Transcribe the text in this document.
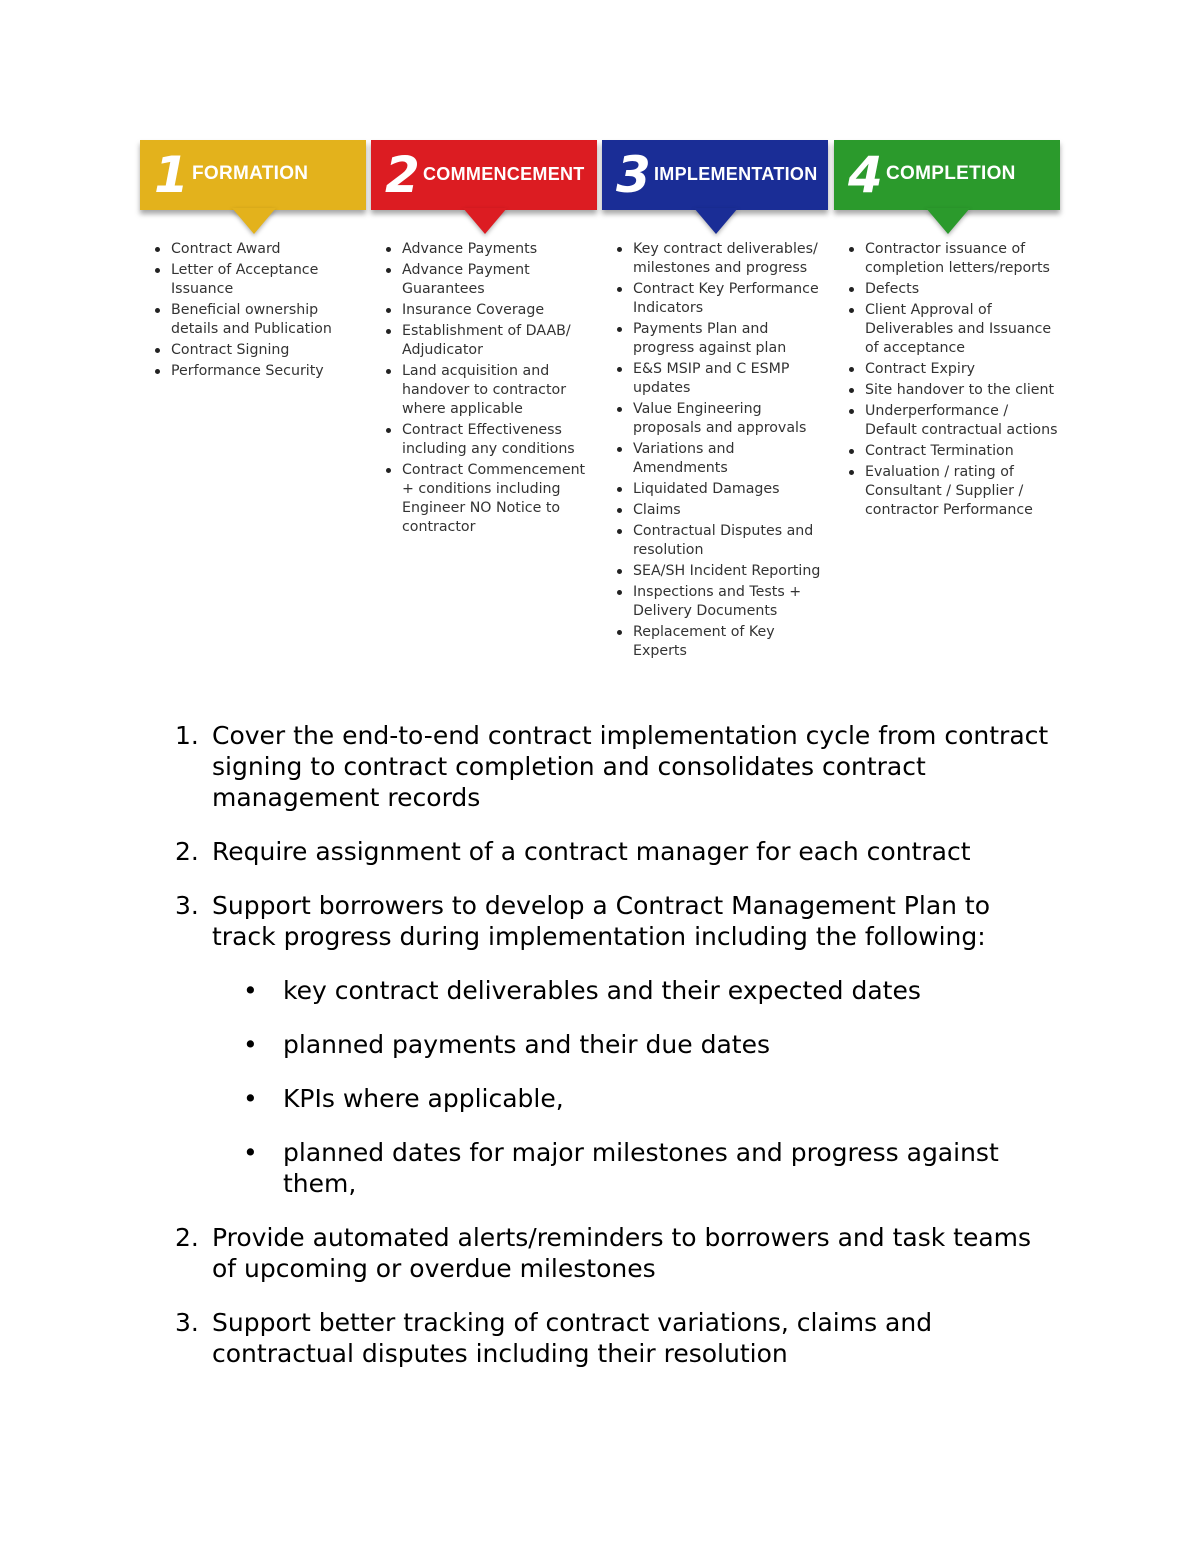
1 FORMATION
Contract Award
Letter of Acceptance Issuance
Beneficial ownership details and Publication
Contract Signing
Performance Security
2 COMMENCEMENT
Advance Payments
Advance Payment Guarantees
Insurance Coverage
Establishment of DAAB/ Adjudicator
Land acquisition and handover to contractor where applicable
Contract Effectiveness including any conditions
Contract Commencement + conditions including Engineer NO Notice to contractor
3 IMPLEMENTATION
Key contract deliverables/ milestones and progress
Contract Key Performance Indicators
Payments Plan and progress against plan
E&S MSIP and C ESMP updates
Value Engineering proposals and approvals
Variations and Amendments
Liquidated Damages
Claims
Contractual Disputes and resolution
SEA/SH Incident Reporting
Inspections and Tests + Delivery Documents
Replacement of Key Experts
4 COMPLETION
Contractor issuance of completion letters/reports
Defects
Client Approval of Deliverables and Issuance of acceptance
Contract Expiry
Site handover to the client
Underperformance / Default contractual actions
Contract Termination
Evaluation / rating of Consultant / Supplier / contractor Performance
1. Cover the end-to-end contract implementation cycle from contract signing to contract completion and consolidates contract management records
2. Require assignment of a contract manager for each contract
3. Support borrowers to develop a Contract Management Plan to track progress during implementation including the following:
• key contract deliverables and their expected dates
• planned payments and their due dates
• KPIs where applicable,
• planned dates for major milestones and progress against them,
2. Provide automated alerts/reminders to borrowers and task teams of upcoming or overdue milestones
3. Support better tracking of contract variations, claims and contractual disputes including their resolution
